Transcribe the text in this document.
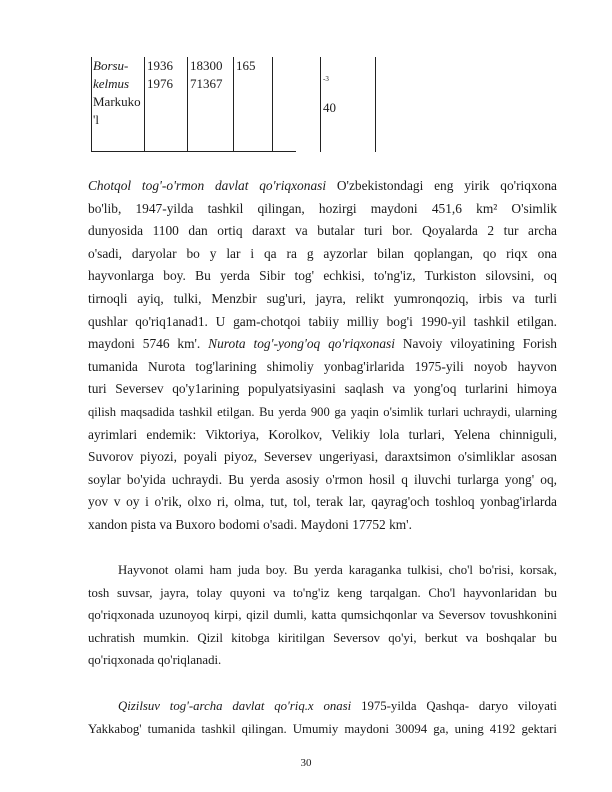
Borsu-
kelmus
Markuko
'l
1936
1976
18300
71367
165
-3
40
Chotqol tog'-o'rmon davlat qo'riqxonasi O'zbekistondagi eng yirik qo'riqxona
bo'lib, 1947-yilda tashkil qilingan, hozirgi maydoni 451,6 km² O'simlik
dunyosida 1100 dan ortiq daraxt va butalar turi bor. Qoyalarda 2 tur archa
o'sadi, daryolar bo y lar i qa ra g ayzorlar bilan qoplangan, qo riqx ona
hayvonlarga boy. Bu yerda Sibir tog' echkisi, to'ng'iz, Turkiston silovsini, oq
tirnoqli ayiq, tulki, Menzbir sug'uri, jayra, relikt yumronqoziq, irbis va turli
qushlar qo'riq1anad1. U gam-chotqoi tabiiy milliy bog'i 1990-yil tashkil etilgan.
maydoni 5746 km'. Nurota tog'-yong'oq qo'riqxonasi Navoiy viloyatining Forish
tumanida Nurota tog'larining shimoliy yonbag'irlarida 1975-yili noyob hayvon
turi Seversev qo'y1arining populyatsiyasini saqlash va yong'oq turlarini himoya
qilish maqsadida tashkil etilgan. Bu yerda 900 ga yaqin o'simlik turlari uchraydi, ularning
ayrimlari endemik: Viktoriya, Korolkov, Velikiy lola turlari, Yelena chinniguli,
Suvorov piyozi, poyali piyoz, Seversev ungeriyasi, daraxtsimon o'simliklar asosan
soylar bo'yida uchraydi. Bu yerda asosiy o'rmon hosil q iluvchi turlarga yong' oq,
yov v oy i o'rik, olxo ri, olma, tut, tol, terak lar, qayrag'och toshloq yonbag'irlarda
xandon pista va Buxoro bodomi o'sadi. Maydoni 17752 km'.
Hayvonot olami ham juda boy. Bu yerda karaganka tulkisi, cho'l bo'risi, korsak,
tosh suvsar, jayra, tolay quyoni va to'ng'iz keng tarqalgan. Cho'l hayvonlaridan bu
qo'riqxonada uzunoyoq kirpi, qizil dumli, katta qumsichqonlar va Seversov tovushkonini
uchratish mumkin. Qizil kitobga kiritilgan Seversov qo'yi, berkut va boshqalar bu
qo'riqxonada qo'riqlanadi.
Qizilsuv tog'-archa davlat qo'riq.x onasi 1975-yilda Qashqa- daryo viloyati
Yakkabog' tumanida tashkil qilingan. Umumiy maydoni 30094 ga, uning 4192 gektari
30
